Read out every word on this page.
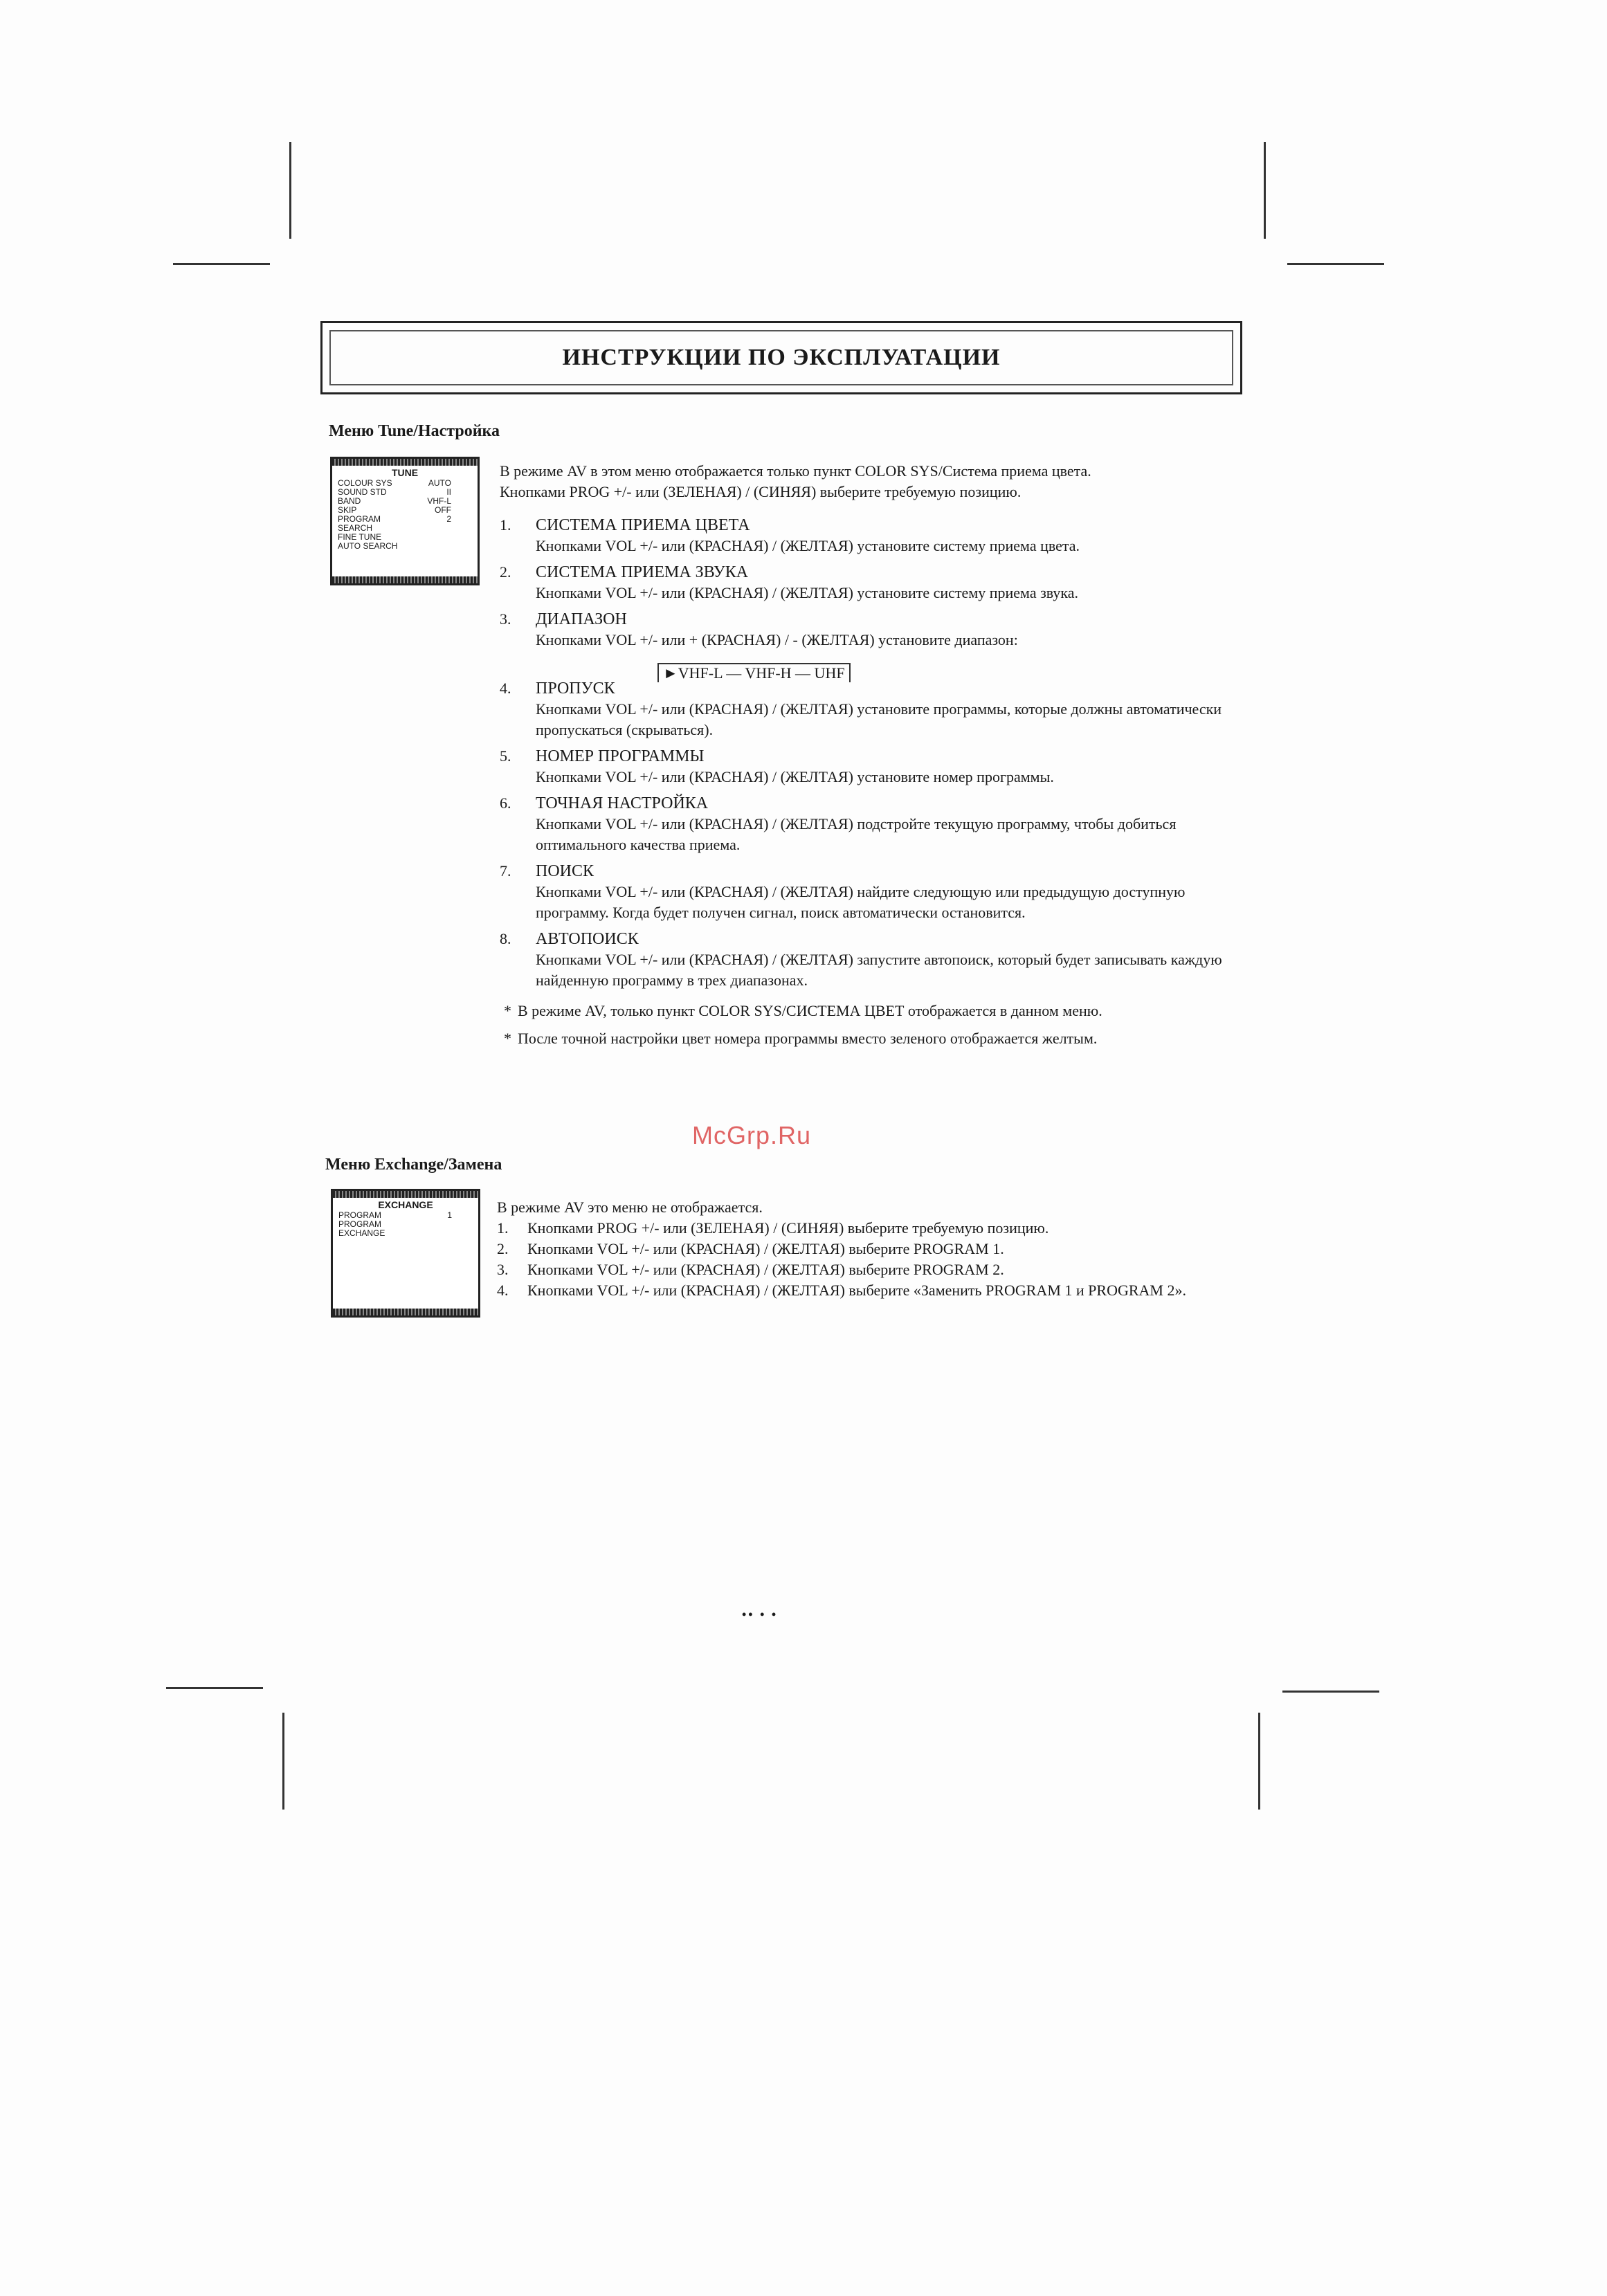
ИНСТРУКЦИИ ПО ЭКСПЛУАТАЦИИ
Меню Tune/Настройка
TUNE
COLOUR SYS	AUTO
SOUND STD	II
BAND	VHF-L
SKIP	OFF
PROGRAM	2
SEARCH
FINE TUNE
AUTO SEARCH

В режиме AV в этом меню отображается только пункт COLOR SYS/Система приема цвета.

Кнопками PROG +/- или (ЗЕЛЕНАЯ) / (СИНЯЯ) выберите требуемую позицию.

1. СИСТЕМА ПРИЕМА ЦВЕТА
Кнопками VOL +/- или (КРАСНАЯ) / (ЖЕЛТАЯ) установите систему приема цвета.
2. СИСТЕМА ПРИЕМА ЗВУКА
Кнопками VOL +/- или (КРАСНАЯ) / (ЖЕЛТАЯ) установите систему приема звука.
3. ДИАПАЗОН
Кнопками VOL +/- или + (КРАСНАЯ) / - (ЖЕЛТАЯ) установите диапазон:
4. ПРОПУСК
Кнопками VOL +/- или (КРАСНАЯ) / (ЖЕЛТАЯ) установите программы, которые должны автоматически пропускаться (скрываться).
5. НОМЕР ПРОГРАММЫ
Кнопками VOL +/- или (КРАСНАЯ) / (ЖЕЛТАЯ) установите номер программы.
6. ТОЧНАЯ НАСТРОЙКА
Кнопками VOL +/- или (КРАСНАЯ) / (ЖЕЛТАЯ) подстройте текущую программу, чтобы добиться оптимального качества приема.
7. ПОИСК
Кнопками VOL +/- или (КРАСНАЯ) / (ЖЕЛТАЯ) найдите следующую или предыдущую доступную программу. Когда будет получен сигнал, поиск автоматически остановится.
8. АВТОПОИСК
Кнопками VOL +/- или (КРАСНАЯ) / (ЖЕЛТАЯ) запустите автопоиск, который будет записывать каждую найденную программу в трех диапазонах.
* В режиме AV, только пункт COLOR SYS/СИСТЕМА ЦВЕТ отображается в данном меню.
* После точной настройки цвет номера программы вместо зеленого отображается желтым.
►VHF-L — VHF-H — UHF
McGrp.Ru
Меню Exchange/Замена
EXCHANGE
PROGRAM	1
PROGRAM
EXCHANGE

В режиме AV это меню не отображается.

1. Кнопками PROG +/- или (ЗЕЛЕНАЯ) / (СИНЯЯ) выберите требуемую позицию.
2. Кнопками VOL +/- или (КРАСНАЯ) / (ЖЕЛТАЯ) выберите PROGRAM 1.
3. Кнопками VOL +/- или (КРАСНАЯ) / (ЖЕЛТАЯ) выберите PROGRAM 2.
4. Кнопками VOL +/- или (КРАСНАЯ) / (ЖЕЛТАЯ) выберите «Заменить PROGRAM 1 и PROGRAM 2».
•• • •
